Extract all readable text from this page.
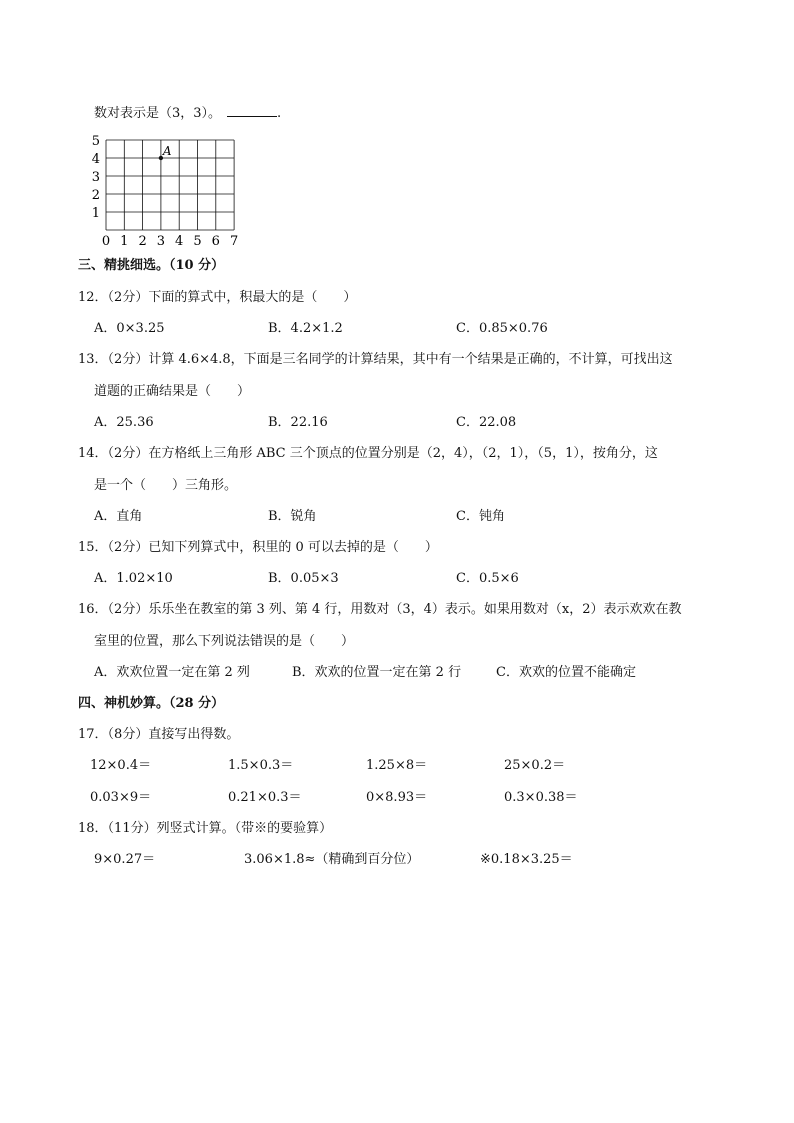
数对表示是（3，3）。	.
0 1 2 3 4 5 6 7
5
4
3
2
1
A
三、精挑细选。（10 分）
12．（2分）下面的算式中，积最大的是（　　）
A．0×3.25	B．4.2×1.2	C．0.85×0.76
13．（2分）计算 4.6×4.8，下面是三名同学的计算结果，其中有一个结果是正确的，不计算，可找出这
道题的正确结果是（　　）
A．25.36	B．22.16	C．22.08
14．（2分）在方格纸上三角形 ABC 三个顶点的位置分别是（2，4），（2，1），（5，1），按角分，这
是一个（　　）三角形。
A．直角	B．锐角	C．钝角
15．（2分）已知下列算式中，积里的 0 可以去掉的是（　　）
A．1.02×10	B．0.05×3	C．0.5×6
16．（2分）乐乐坐在教室的第 3 列、第 4 行，用数对（3，4）表示。如果用数对（x，2）表示欢欢在教
室里的位置，那么下列说法错误的是（　　）
A．欢欢位置一定在第 2 列	B．欢欢的位置一定在第 2 行	C．欢欢的位置不能确定
四、神机妙算。（28 分）
17．（8分）直接写出得数。
12×0.4＝	1.5×0.3＝	1.25×8＝	25×0.2＝
0.03×9＝	0.21×0.3＝	0×8.93＝	0.3×0.38＝
18．（11分）列竖式计算。（带※的要验算）
9×0.27＝	3.06×1.8≈（精确到百分位）	※0.18×3.25＝
